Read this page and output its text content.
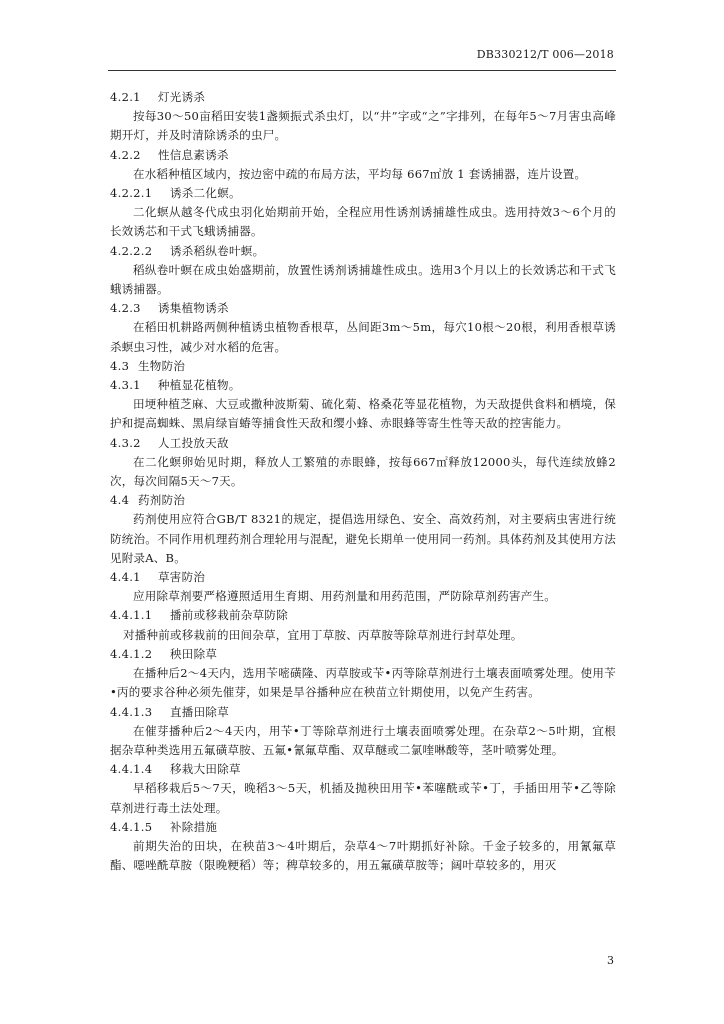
DB330212/T 006—2018
4.2.1 灯光诱杀

按每30～50亩稻田安装1盏频振式杀虫灯，以“井”字或“之”字排列，在每年5～7月害虫高峰期开灯，并及时清除诱杀的虫尸。

4.2.2 性信息素诱杀

在水稻种植区域内，按边密中疏的布局方法，平均每 667㎡放 1 套诱捕器，连片设置。

4.2.2.1 诱杀二化螟。

二化螟从越冬代成虫羽化始期前开始，全程应用性诱剂诱捕雄性成虫。选用持效3～6个月的长效诱芯和干式飞蛾诱捕器。

4.2.2.2 诱杀稻纵卷叶螟。

稻纵卷叶螟在成虫始盛期前，放置性诱剂诱捕雄性成虫。选用3个月以上的长效诱芯和干式飞蛾诱捕器。

4.2.3 诱集植物诱杀

在稻田机耕路两侧种植诱虫植物香根草，丛间距3m～5m，每穴10根～20根，利用香根草诱杀螟虫习性，减少对水稻的危害。

4.3 生物防治
4.3.1 种植显花植物。

田埂种植芝麻、大豆或撒种波斯菊、硫化菊、格桑花等显花植物，为天敌提供食料和栖境，保护和提高蜘蛛、黑肩绿盲蝽等捕食性天敌和缨小蜂、赤眼蜂等寄生性等天敌的控害能力。

4.3.2 人工投放天敌

在二化螟卵始见时期，释放人工繁殖的赤眼蜂，按每667㎡释放12000头，每代连续放蜂2次，每次间隔5天～7天。

4.4 药剂防治

药剂使用应符合GB/T 8321的规定，提倡选用绿色、安全、高效药剂，对主要病虫害进行统防统治。不同作用机理药剂合理轮用与混配，避免长期单一使用同一药剂。具体药剂及其使用方法见附录A、B。

4.4.1 草害防治

应用除草剂要严格遵照适用生育期、用药剂量和用药范围，严防除草剂药害产生。

4.4.1.1 播前或移栽前杂草防除

对播种前或移栽前的田间杂草，宜用丁草胺、丙草胺等除草剂进行封草处理。

4.4.1.2 秧田除草

在播种后2～4天内，选用苄嘧磺隆、丙草胺或苄•丙等除草剂进行土壤表面喷雾处理。使用苄•丙的要求谷种必须先催芽，如果是旱谷播种应在秧苗立针期使用，以免产生药害。

4.4.1.3 直播田除草

在催芽播种后2～4天内，用苄•丁等除草剂进行土壤表面喷雾处理。在杂草2～5叶期，宜根据杂草种类选用五氟磺草胺、五氟•氰氟草酯、双草醚或二氯喹啉酸等，茎叶喷雾处理。

4.4.1.4 移栽大田除草

早稻移栽后5～7天，晚稻3～5天，机插及抛秧田用苄•苯噻酰或苄•丁，手插田用苄•乙等除草剂进行毒土法处理。

4.4.1.5 补除措施

前期失治的田块，在秧苗3～4叶期后，杂草4～7叶期抓好补除。千金子较多的，用氰氟草酯、噁唑酰草胺（限晚粳稻）等；稗草较多的，用五氟磺草胺等；阔叶草较多的，用灭

3
